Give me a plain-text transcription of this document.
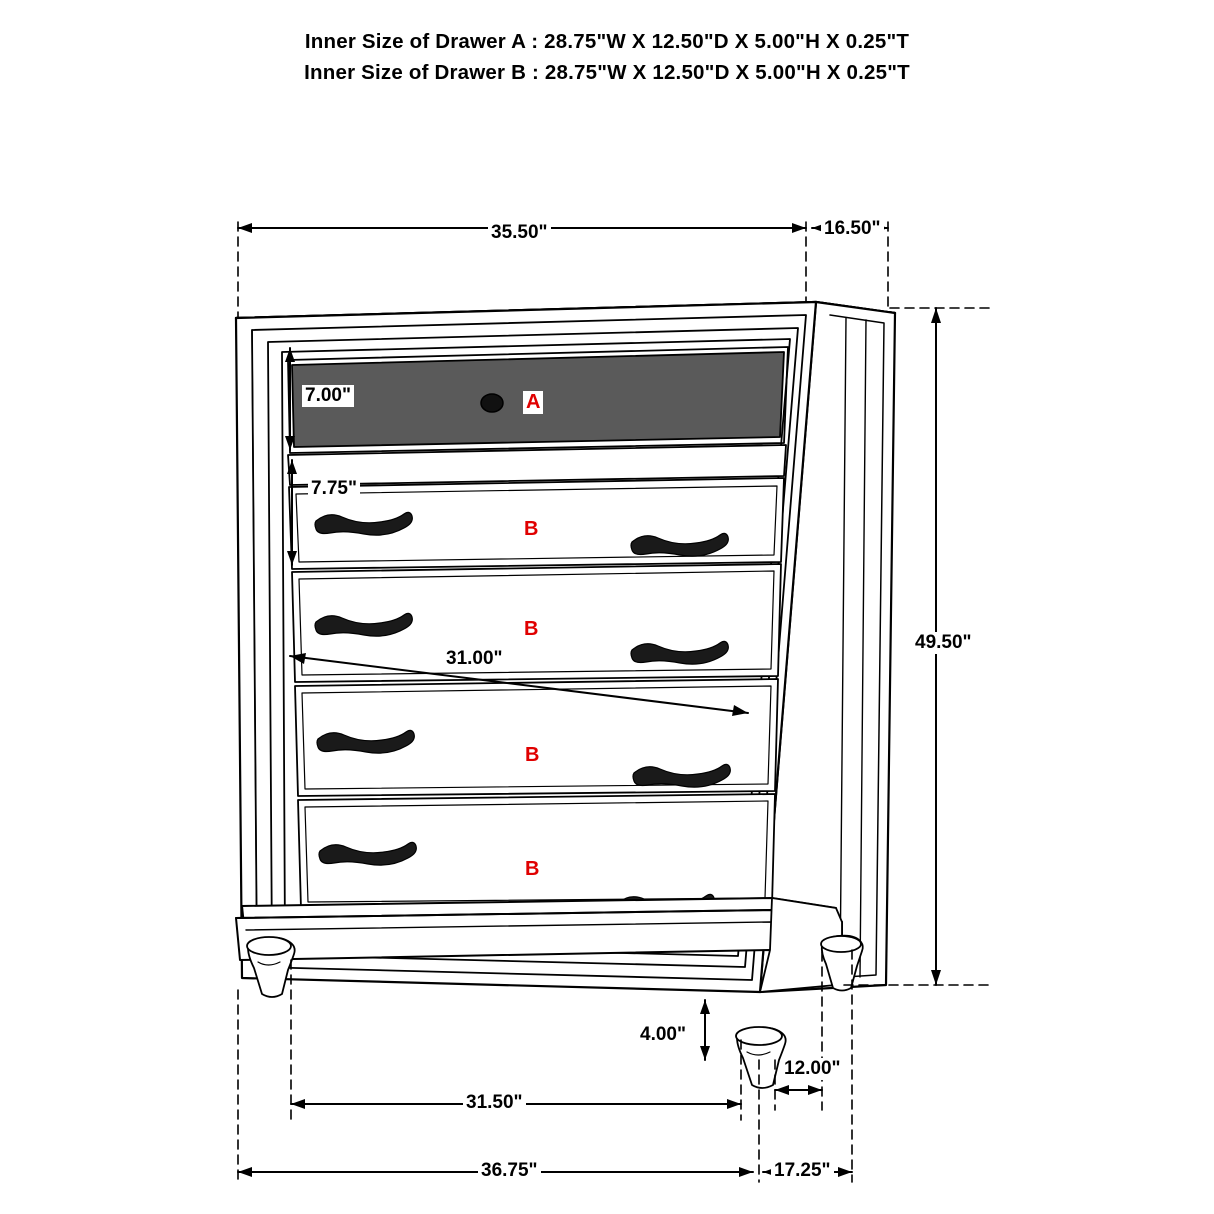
Inner Size of Drawer A : 28.75"W X 12.50"D X 5.00"H X 0.25"T
Inner Size of Drawer B : 28.75"W X 12.50"D X 5.00"H X 0.25"T
35.50"	16.50"
7.00"
7.75"
31.00"
49.50"
4.00"
12.00"
31.50"
36.75"	17.25"
A
B
B
B
B
